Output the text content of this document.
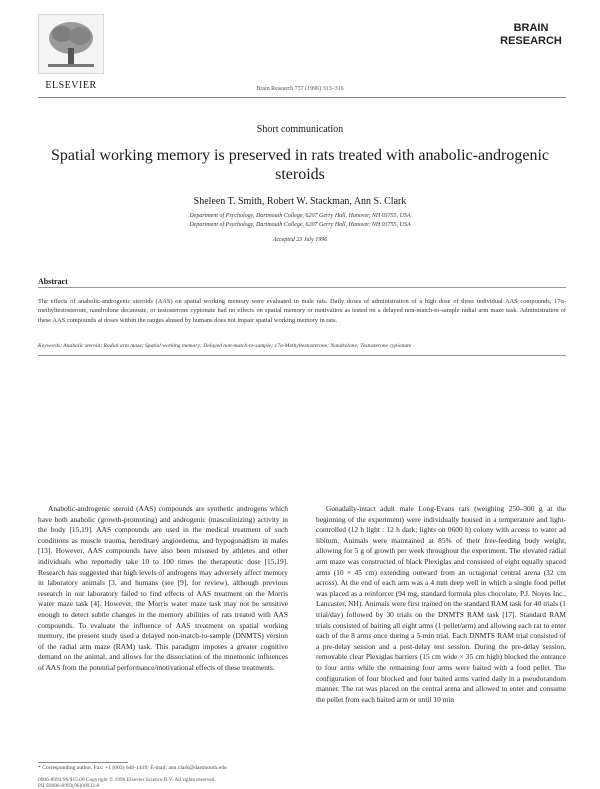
ELSEVIER	Brain Research 737 (1996) 313–316
BRAIN
RESEARCH
Short communication
Spatial working memory is preserved in rats treated with anabolic-androgenic steroids
Sheleen T. Smith, Robert W. Stackman, Ann S. Clark
Department of Psychology, Dartmouth College, 6207 Gerry Hall, Hanover, NH 03755, USA
Department of Psychology, Dartmouth College, 6207 Gerry Hall, Hanover, NH 03755, USA
Accepted 23 July 1996
Abstract
The effects of anabolic-androgenic steroids (AAS) on spatial working memory were evaluated in male rats. Daily doses of administration of a high dose of three individual AAS compounds, 17α-methyltestosterone, nandrolone decanoate, or testosterone cypionate had no effects on spatial memory or motivation as tested on a delayed non-match-to-sample radial arm maze task. Administration of these AAS compounds at doses within the ranges abused by humans does not impair spatial working memory in rats.
Keywords: Anabolic steroid; Radial arm maze; Spatial working memory; Delayed non-match-to-sample; 17α-Methyltestosterone; Nandrolone; Testosterone cypionate

Anabolic-androgenic steroid (AAS) compounds are synthetic androgens which have both anabolic (growth-promoting) and androgenic (masculinizing) activity in the body [15,19]. AAS compounds are used in the medical treatment of such conditions as muscle trauma, hereditary angioedema, and hypogonadism in males [13]. However, AAS compounds have also been misused by athletes and other individuals who reportedly take 10 to 100 times the therapeutic dose [15,19]. Research has suggested that high levels of androgens may adversely affect memory in laboratory animals [3, and humans (see [9], for review), although previous research in our laboratory failed to find effects of AAS treatment on the Morris water maze task [4]. However, the Morris water maze task may not be sensitive enough to detect subtle changes in the memory abilities of rats treated with AAS compounds. To evaluate the influence of AAS treatment on spatial working memory, the present study used a delayed non-match-to-sample (DNMTS) version of the radial arm maze (RAM) task. This paradigm imposes a greater cognitive demand on the animal, and allows for the dissociation of the mnemonic influences of AAS from the potential performance/motivational effects of these treatments.

Gonadally-intact adult male Long-Evans rats (weighing 250–300 g at the beginning of the experiment) were individually housed in a temperature and light-controlled (12 h light : 12 h dark; lights on 0600 h) colony with access to water ad libitum. Animals were maintained at 85% of their free-feeding body weight, allowing for 5 g of growth per week throughout the experiment. The elevated radial arm maze was constructed of black Plexiglas and consisted of eight equally spaced arms (10 × 45 cm) extending outward from an octagonal central arena (32 cm across). At the end of each arm was a 4 mm deep well in which a single food pellet was placed as a reinforcer (94 mg, standard formula plus chocolate, P.J. Noyes Inc., Lancaster, NH). Animals were first trained on the standard RAM task for 40 trials (1 trial/day) followed by 30 trials on the DNMTS RAM task [17]. Standard RAM trials consisted of baiting all eight arms (1 pellet/arm) and allowing each rat to enter each of the 8 arms once during a 5-min trial. Each DNMTS RAM trial consisted of a pre-delay session and a post-delay test session. During the pre-delay session, removable clear Plexiglas barriers (15 cm wide × 35 cm high) blocked the entrance to four arms while the remaining four arms were baited with a food pellet. The configuration of four blocked and four baited arms varied daily in a pseudorandom manner. The rat was placed on the central arena and allowed to enter and consume the pellet from each baited arm or until 10 min

* Corresponding author. Fax: +1 (603) 646-1419; E-mail: ann.clark@dartmouth.edu
0006-8993/96/$15.00 Copyright © 1996 Elsevier Science B.V. All rights reserved.
PII S0006-8993(96)00932-8
